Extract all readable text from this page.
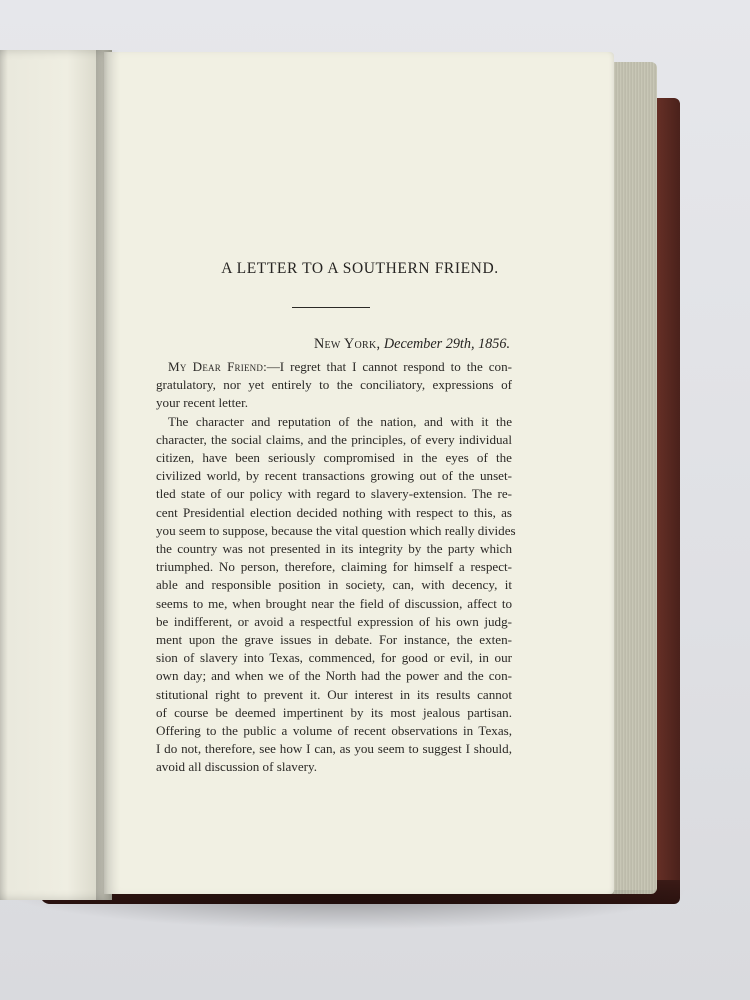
A LETTER TO A SOUTHERN FRIEND.
New York, December 29th, 1856.
My Dear Friend:—I regret that I cannot respond to the con-
gratulatory, nor yet entirely to the conciliatory, expressions of
your recent letter.
The character and reputation of the nation, and with it the
character, the social claims, and the principles, of every individual
citizen, have been seriously compromised in the eyes of the
civilized world, by recent transactions growing out of the unset-
tled state of our policy with regard to slavery-extension. The re-
cent Presidential election decided nothing with respect to this, as
you seem to suppose, because the vital question which really divides
the country was not presented in its integrity by the party which
triumphed. No person, therefore, claiming for himself a respect-
able and responsible position in society, can, with decency, it
seems to me, when brought near the field of discussion, affect to
be indifferent, or avoid a respectful expression of his own judg-
ment upon the grave issues in debate. For instance, the exten-
sion of slavery into Texas, commenced, for good or evil, in our
own day; and when we of the North had the power and the con-
stitutional right to prevent it. Our interest in its results cannot
of course be deemed impertinent by its most jealous partisan.
Offering to the public a volume of recent observations in Texas,
I do not, therefore, see how I can, as you seem to suggest I should,
avoid all discussion of slavery.
